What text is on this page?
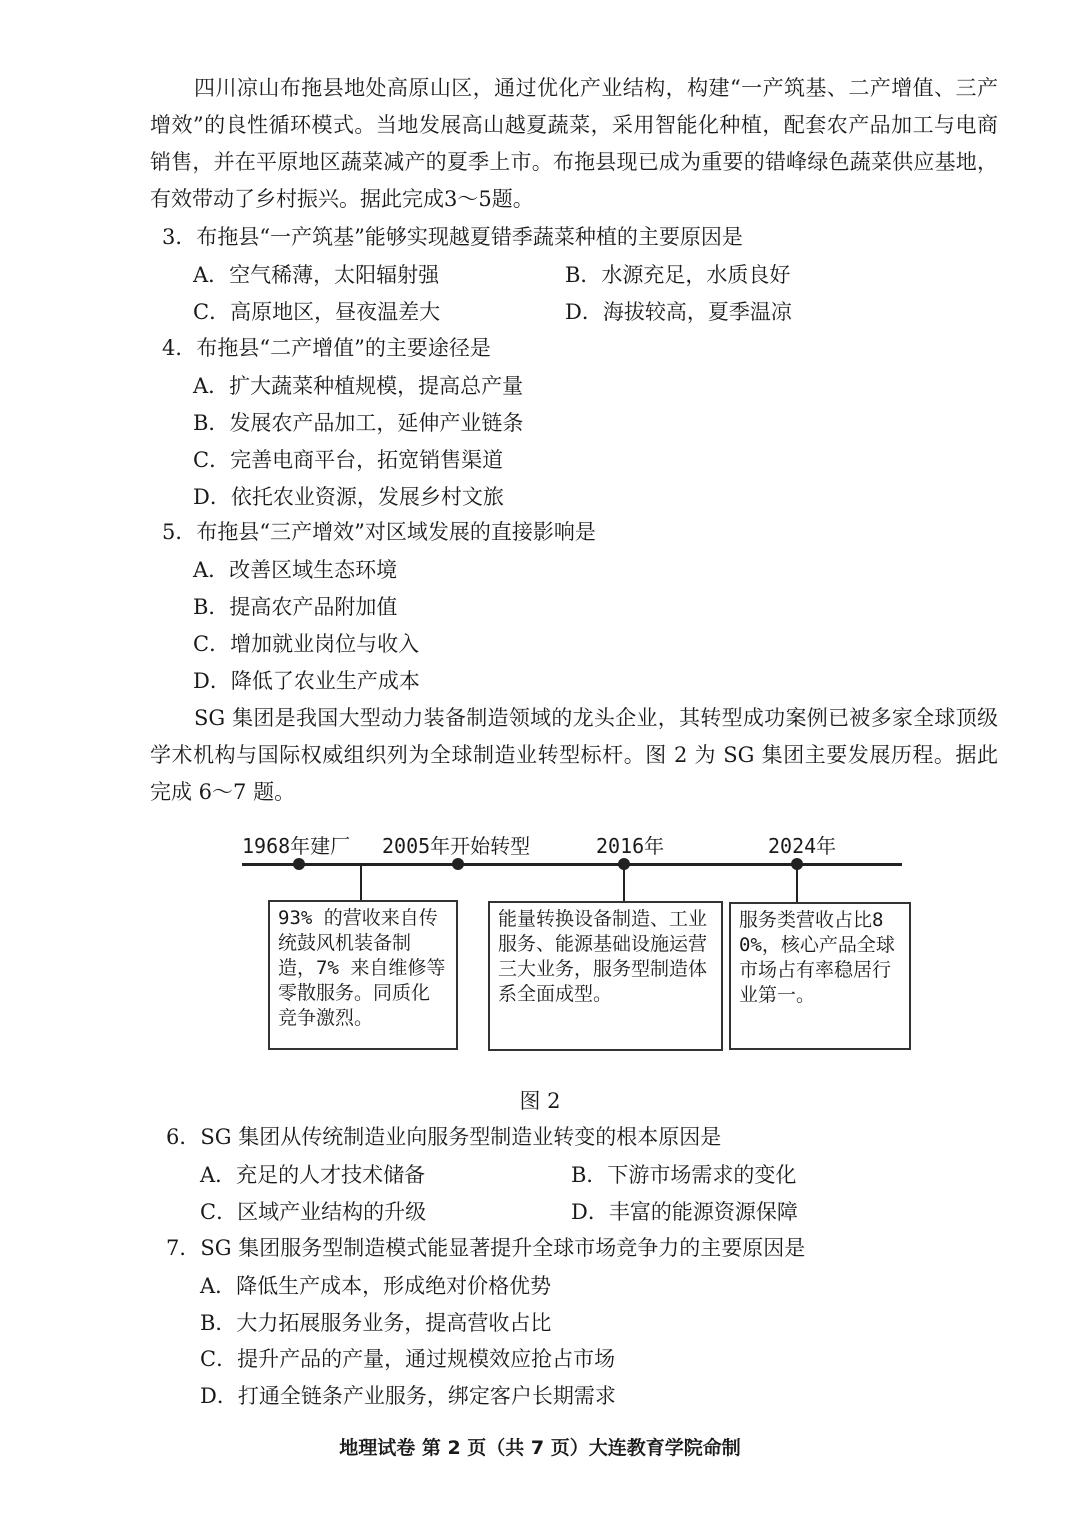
四川凉山布拖县地处高原山区，通过优化产业结构，构建“一产筑基、二产增值、三产增效”的良性循环模式。当地发展高山越夏蔬菜，采用智能化种植，配套农产品加工与电商销售，并在平原地区蔬菜减产的夏季上市。布拖县现已成为重要的错峰绿色蔬菜供应基地，有效带动了乡村振兴。据此完成3～5题。
3．布拖县“一产筑基”能够实现越夏错季蔬菜种植的主要原因是
A．空气稀薄，太阳辐射强	B．水源充足，水质良好
C．高原地区，昼夜温差大	D．海拔较高，夏季温凉
4．布拖县“二产增值”的主要途径是
A．扩大蔬菜种植规模，提高总产量
B．发展农产品加工，延伸产业链条
C．完善电商平台，拓宽销售渠道
D．依托农业资源，发展乡村文旅
5．布拖县“三产增效”对区域发展的直接影响是
A．改善区域生态环境
B．提高农产品附加值
C．增加就业岗位与收入
D．降低了农业生产成本
SG 集团是我国大型动力装备制造领域的龙头企业，其转型成功案例已被多家全球顶级学术机构与国际权威组织列为全球制造业转型标杆。图 2 为 SG 集团主要发展历程。据此完成 6～7 题。
1968年建厂 2005年开始转型	2016年	2024年
93% 的营收来自传统鼓风机装备制造，7% 来自维修等零散服务。同质化竞争激烈。
能量转换设备制造、工业服务、能源基础设施运营三大业务，服务型制造体系全面成型。
服务类营收占比80%，核心产品全球市场占有率稳居行业第一。
图 2
6．SG 集团从传统制造业向服务型制造业转变的根本原因是
A．充足的人才技术储备	B．下游市场需求的变化
C．区域产业结构的升级	D．丰富的能源资源保障
7．SG 集团服务型制造模式能显著提升全球市场竞争力的主要原因是
A．降低生产成本，形成绝对价格优势
B．大力拓展服务业务，提高营收占比
C．提升产品的产量，通过规模效应抢占市场
D．打通全链条产业服务，绑定客户长期需求
地理试卷 第 2 页（共 7 页）大连教育学院命制
